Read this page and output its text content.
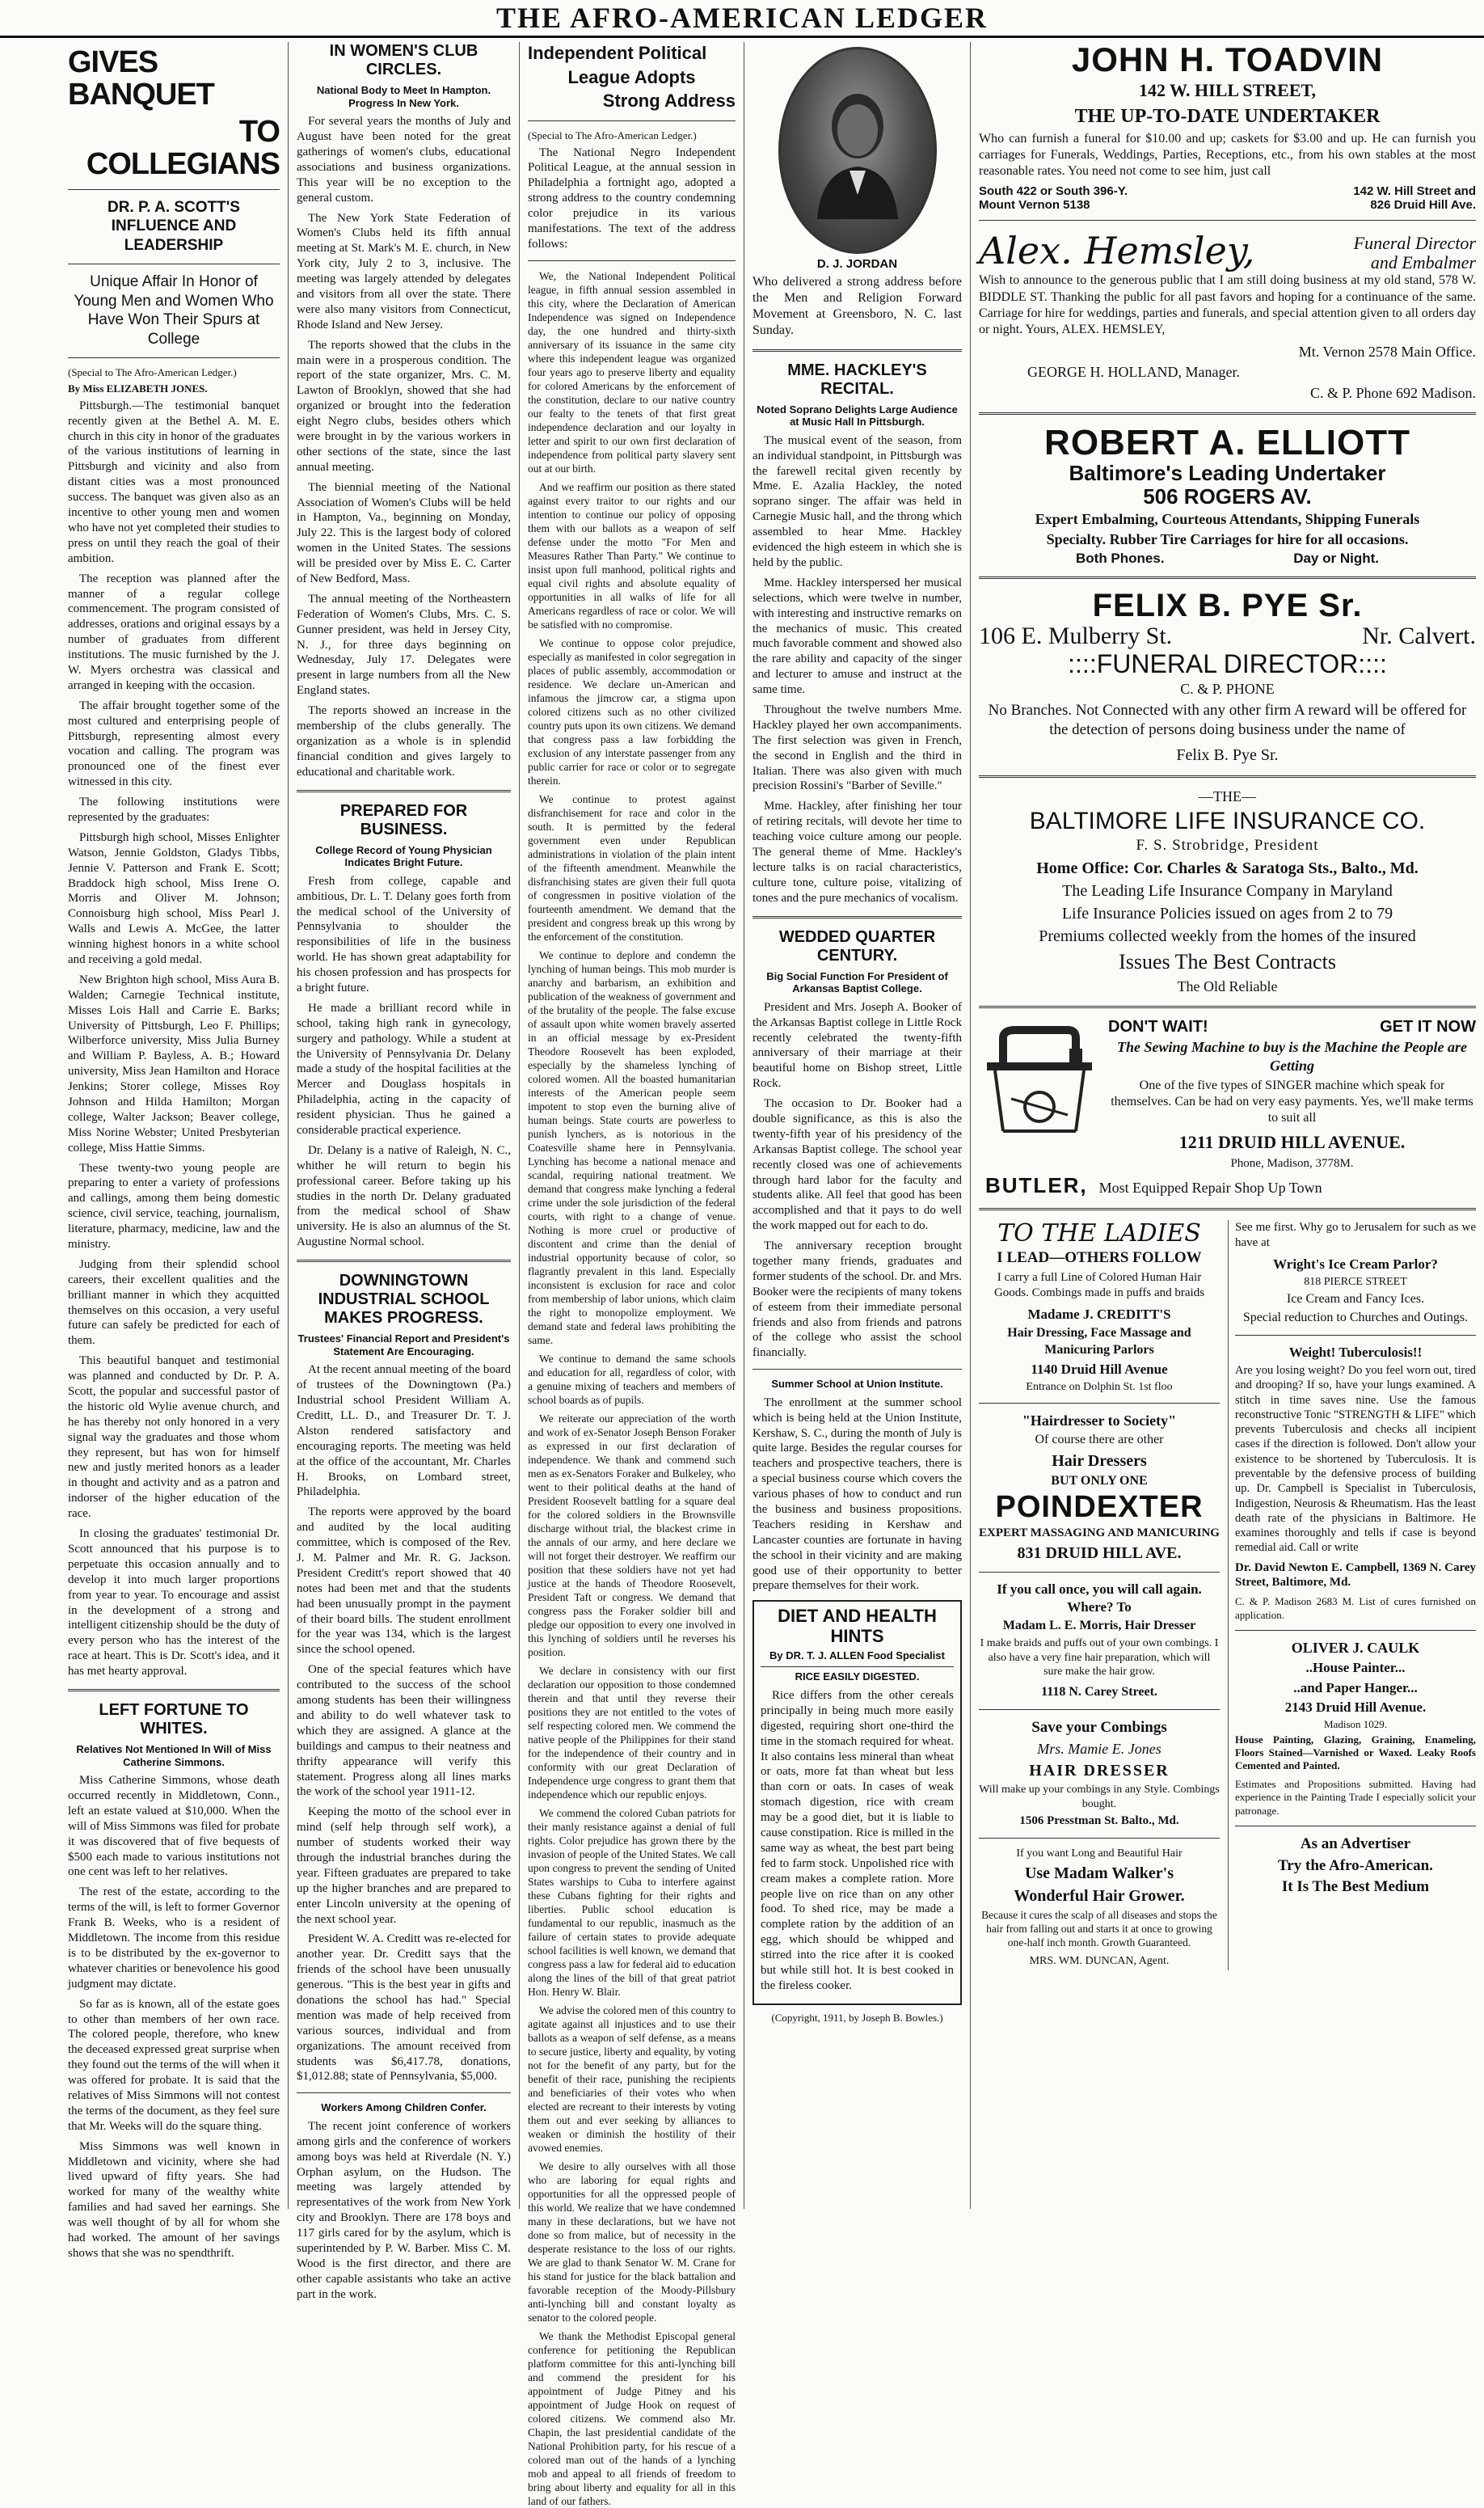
THE AFRO-AMERICAN LEDGER
GIVES BANQUET
TO COLLEGIANS
DR. P. A. SCOTT'S INFLUENCE AND LEADERSHIP
Unique Affair In Honor of Young Men and Women Who Have Won Their Spurs at College
(Special to The Afro-American Ledger.)
By Miss ELIZABETH JONES.

Pittsburgh.—The testimonial banquet recently given at the Bethel A. M. E. church in this city in honor of the graduates of the various institutions of learning in Pittsburgh and vicinity and also from distant cities was a most pronounced success. The banquet was given also as an incentive to other young men and women who have not yet completed their studies to press on until they reach the goal of their ambition.

The reception was planned after the manner of a regular college commencement. The program consisted of addresses, orations and original essays by a number of graduates from different institutions. The music furnished by the J. W. Myers orchestra was classical and arranged in keeping with the occasion.

The affair brought together some of the most cultured and enterprising people of Pittsburgh, representing almost every vocation and calling. The program was pronounced one of the finest ever witnessed in this city.

The following institutions were represented by the graduates:

Pittsburgh high school, Misses Enlighter Watson, Jennie Goldston, Gladys Tibbs, Jennie V. Patterson and Frank E. Scott; Braddock high school, Miss Irene O. Morris and Oliver M. Johnson; Connoisburg high school, Miss Pearl J. Walls and Lewis A. McGee, the latter winning highest honors in a white school and receiving a gold medal.

New Brighton high school, Miss Aura B. Walden; Carnegie Technical institute, Misses Lois Hall and Carrie E. Barks; University of Pittsburgh, Leo F. Phillips; Wilberforce university, Miss Julia Burney and William P. Bayless, A. B.; Howard university, Miss Jean Hamilton and Horace Jenkins; Storer college, Misses Roy Johnson and Hilda Hamilton; Morgan college, Walter Jackson; Beaver college, Miss Norine Webster; United Presbyterian college, Miss Hattie Simms.

These twenty-two young people are preparing to enter a variety of professions and callings, among them being domestic science, civil service, teaching, journalism, literature, pharmacy, medicine, law and the ministry.

Judging from their splendid school careers, their excellent qualities and the brilliant manner in which they acquitted themselves on this occasion, a very useful future can safely be predicted for each of them.

This beautiful banquet and testimonial was planned and conducted by Dr. P. A. Scott, the popular and successful pastor of the historic old Wylie avenue church, and he has thereby not only honored in a very signal way the graduates and those whom they represent, but has won for himself new and justly merited honors as a leader in thought and activity and as a patron and indorser of the higher education of the race.

In closing the graduates' testimonial Dr. Scott announced that his purpose is to perpetuate this occasion annually and to develop it into much larger proportions from year to year. To encourage and assist in the development of a strong and intelligent citizenship should be the duty of every person who has the interest of the race at heart. This is Dr. Scott's idea, and it has met hearty approval.

LEFT FORTUNE TO WHITES.
Relatives Not Mentioned In Will of Miss Catherine Simmons.

Miss Catherine Simmons, whose death occurred recently in Middletown, Conn., left an estate valued at $10,000. When the will of Miss Simmons was filed for probate it was discovered that of five bequests of $500 each made to various institutions not one cent was left to her relatives.

The rest of the estate, according to the terms of the will, is left to former Governor Frank B. Weeks, who is a resident of Middletown. The income from this residue is to be distributed by the ex-governor to whatever charities or benevolence his good judgment may dictate.

So far as is known, all of the estate goes to other than members of her own race. The colored people, therefore, who knew the deceased expressed great surprise when they found out the terms of the will when it was offered for probate. It is said that the relatives of Miss Simmons will not contest the terms of the document, as they feel sure that Mr. Weeks will do the square thing.

Miss Simmons was well known in Middletown and vicinity, where she had lived upward of fifty years. She had worked for many of the wealthy white families and had saved her earnings. She was well thought of by all for whom she had worked. The amount of her savings shows that she was no spendthrift.

IN WOMEN'S CLUB CIRCLES.
National Body to Meet In Hampton. Progress In New York.

For several years the months of July and August have been noted for the great gatherings of women's clubs, educational associations and business organizations. This year will be no exception to the general custom.

The New York State Federation of Women's Clubs held its fifth annual meeting at St. Mark's M. E. church, in New York city, July 2 to 3, inclusive. The meeting was largely attended by delegates and visitors from all over the state. There were also many visitors from Connecticut, Rhode Island and New Jersey.

The reports showed that the clubs in the main were in a prosperous condition. The report of the state organizer, Mrs. C. M. Lawton of Brooklyn, showed that she had organized or brought into the federation eight Negro clubs, besides others which were brought in by the various workers in other sections of the state, since the last annual meeting.

The biennial meeting of the National Association of Women's Clubs will be held in Hampton, Va., beginning on Monday, July 22. This is the largest body of colored women in the United States. The sessions will be presided over by Miss E. C. Carter of New Bedford, Mass.

The annual meeting of the Northeastern Federation of Women's Clubs, Mrs. C. S. Gunner president, was held in Jersey City, N. J., for three days beginning on Wednesday, July 17. Delegates were present in large numbers from all the New England states.

The reports showed an increase in the membership of the clubs generally. The organization as a whole is in splendid financial condition and gives largely to educational and charitable work.

PREPARED FOR BUSINESS.
College Record of Young Physician Indicates Bright Future.

Fresh from college, capable and ambitious, Dr. L. T. Delany goes forth from the medical school of the University of Pennsylvania to shoulder the responsibilities of life in the business world. He has shown great adaptability for his chosen profession and has prospects for a bright future.

He made a brilliant record while in school, taking high rank in gynecology, surgery and pathology. While a student at the University of Pennsylvania Dr. Delany made a study of the hospital facilities at the Mercer and Douglass hospitals in Philadelphia, acting in the capacity of resident physician. Thus he gained a considerable practical experience.

Dr. Delany is a native of Raleigh, N. C., whither he will return to begin his professional career. Before taking up his studies in the north Dr. Delany graduated from the medical school of Shaw university. He is also an alumnus of the St. Augustine Normal school.

DOWNINGTOWN INDUSTRIAL SCHOOL MAKES PROGRESS.
Trustees' Financial Report and President's Statement Are Encouraging.

At the recent annual meeting of the board of trustees of the Downingtown (Pa.) Industrial school President William A. Creditt, LL. D., and Treasurer Dr. T. J. Alston rendered satisfactory and encouraging reports. The meeting was held at the office of the accountant, Mr. Charles H. Brooks, on Lombard street, Philadelphia.

The reports were approved by the board and audited by the local auditing committee, which is composed of the Rev. J. M. Palmer and Mr. R. G. Jackson. President Creditt's report showed that 40 notes had been met and that the students had been unusually prompt in the payment of their board bills. The student enrollment for the year was 134, which is the largest since the school opened.

One of the special features which have contributed to the success of the school among students has been their willingness and ability to do well whatever task to which they are assigned. A glance at the buildings and campus to their neatness and thrifty appearance will verify this statement. Progress along all lines marks the work of the school year 1911-12.

Keeping the motto of the school ever in mind (self help through self work), a number of students worked their way through the industrial branches during the year. Fifteen graduates are prepared to take up the higher branches and are prepared to enter Lincoln university at the opening of the next school year.

President W. A. Creditt was re-elected for another year. Dr. Creditt says that the friends of the school have been unusually generous. "This is the best year in gifts and donations the school has had." Special mention was made of help received from various sources, individual and from organizations. The amount received from students was $6,417.78, donations, $1,012.88; state of Pennsylvania, $5,000.

Workers Among Children Confer.

The recent joint conference of workers among girls and the conference of workers among boys was held at Riverdale (N. Y.) Orphan asylum, on the Hudson. The meeting was largely attended by representatives of the work from New York city and Brooklyn. There are 178 boys and 117 girls cared for by the asylum, which is superintended by P. W. Barber. Miss C. M. Wood is the first director, and there are other capable assistants who take an active part in the work.

Independent Political
League Adopts
Strong Address
(Special to The Afro-American Ledger.)

The National Negro Independent Political League, at the annual session in Philadelphia a fortnight ago, adopted a strong address to the country condemning color prejudice in its various manifestations. The text of the address follows:

We, the National Independent Political league, in fifth annual session assembled in this city, where the Declaration of American Independence was signed on Independence day, the one hundred and thirty-sixth anniversary of its issuance in the same city where this independent league was organized four years ago to preserve liberty and equality for colored Americans by the enforcement of the constitution, declare to our native country our fealty to the tenets of that first great independence declaration and our loyalty in letter and spirit to our own first declaration of independence from political party slavery sent out at our birth.

And we reaffirm our position as there stated against every traitor to our rights and our intention to continue our policy of opposing them with our ballots as a weapon of self defense under the motto "For Men and Measures Rather Than Party." We continue to insist upon full manhood, political rights and equal civil rights and absolute equality of opportunities in all walks of life for all Americans regardless of race or color. We will be satisfied with no compromise.

We continue to oppose color prejudice, especially as manifested in color segregation in places of public assembly, accommodation or residence. We declare un-American and infamous the jimcrow car, a stigma upon colored citizens such as no other civilized country puts upon its own citizens. We demand that congress pass a law forbidding the exclusion of any interstate passenger from any public carrier for race or color or to segregate therein.

We continue to protest against disfranchisement for race and color in the south. It is permitted by the federal government even under Republican administrations in violation of the plain intent of the fifteenth amendment. Meanwhile the disfranchising states are given their full quota of congressmen in positive violation of the fourteenth amendment. We demand that the president and congress break up this wrong by the enforcement of the constitution.

We continue to deplore and condemn the lynching of human beings. This mob murder is anarchy and barbarism, an exhibition and publication of the weakness of government and of the brutality of the people. The false excuse of assault upon white women bravely asserted in an official message by ex-President Theodore Roosevelt has been exploded, especially by the shameless lynching of colored women. All the boasted humanitarian interests of the American people seem impotent to stop even the burning alive of human beings. State courts are powerless to punish lynchers, as is notorious in the Coatesville shame here in Pennsylvania. Lynching has become a national menace and scandal, requiring national treatment. We demand that congress make lynching a federal crime under the sole jurisdiction of the federal courts, with right to a change of venue. Nothing is more cruel or productive of discontent and crime than the denial of industrial opportunity because of color, so flagrantly prevalent in this land. Especially inconsistent is exclusion for race and color from membership of labor unions, which claim the right to monopolize employment. We demand state and federal laws prohibiting the same.

We continue to demand the same schools and education for all, regardless of color, with a genuine mixing of teachers and members of school boards as of pupils.

We reiterate our appreciation of the worth and work of ex-Senator Joseph Benson Foraker as expressed in our first declaration of independence. We thank and commend such men as ex-Senators Foraker and Bulkeley, who went to their political deaths at the hand of President Roosevelt battling for a square deal for the colored soldiers in the Brownsville discharge without trial, the blackest crime in the annals of our army, and here declare we will not forget their destroyer. We reaffirm our position that these soldiers have not yet had justice at the hands of Theodore Roosevelt, President Taft or congress. We demand that congress pass the Foraker soldier bill and pledge our opposition to every one involved in this lynching of soldiers until he reverses his position.

We declare in consistency with our first declaration our opposition to those condemned therein and that until they reverse their positions they are not entitled to the votes of self respecting colored men. We commend the native people of the Philippines for their stand for the independence of their country and in conformity with our great Declaration of Independence urge congress to grant them that independence which our republic enjoys.

We commend the colored Cuban patriots for their manly resistance against a denial of full rights. Color prejudice has grown there by the invasion of people of the United States. We call upon congress to prevent the sending of United States warships to Cuba to interfere against these Cubans fighting for their rights and liberties. Public school education is fundamental to our republic, inasmuch as the failure of certain states to provide adequate school facilities is well known, we demand that congress pass a law for federal aid to education along the lines of the bill of that great patriot Hon. Henry W. Blair.

We advise the colored men of this country to agitate against all injustices and to use their ballots as a weapon of self defense, as a means to secure justice, liberty and equality, by voting not for the benefit of any party, but for the benefit of their race, punishing the recipients and beneficiaries of their votes who when elected are recreant to their interests by voting them out and ever seeking by alliances to weaken or diminish the hostility of their avowed enemies.

We desire to ally ourselves with all those who are laboring for equal rights and opportunities for all the oppressed people of this world. We realize that we have condemned many in these declarations, but we have not done so from malice, but of necessity in the desperate resistance to the loss of our rights. We are glad to thank Senator W. M. Crane for his stand for justice for the black battalion and favorable reception of the Moody-Pillsbury anti-lynching bill and constant loyalty as senator to the colored people.

We thank the Methodist Episcopal general conference for petitioning the Republican platform committee for this anti-lynching bill and commend the president for his appointment of Judge Pitney and his appointment of Judge Hook on request of colored citizens. We commend also Mr. Chapin, the last presidential candidate of the National Prohibition party, for his rescue of a colored man out of the hands of a lynching mob and appeal to all friends of freedom to bring about liberty and equality for all in this land of our fathers.

D. J. JORDAN

Who delivered a strong address before the Men and Religion Forward Movement at Greensboro, N. C. last Sunday.

MME. HACKLEY'S RECITAL.
Noted Soprano Delights Large Audience at Music Hall In Pittsburgh.

The musical event of the season, from an individual standpoint, in Pittsburgh was the farewell recital given recently by Mme. E. Azalia Hackley, the noted soprano singer. The affair was held in Carnegie Music hall, and the throng which assembled to hear Mme. Hackley evidenced the high esteem in which she is held by the public.

Mme. Hackley interspersed her musical selections, which were twelve in number, with interesting and instructive remarks on the mechanics of music. This created much favorable comment and showed also the rare ability and capacity of the singer and lecturer to amuse and instruct at the same time.

Throughout the twelve numbers Mme. Hackley played her own accompaniments. The first selection was given in French, the second in English and the third in Italian. There was also given with much precision Rossini's "Barber of Seville."

Mme. Hackley, after finishing her tour of retiring recitals, will devote her time to teaching voice culture among our people. The general theme of Mme. Hackley's lecture talks is on racial characteristics, culture tone, culture poise, vitalizing of tones and the pure mechanics of vocalism.

WEDDED QUARTER CENTURY.
Big Social Function For President of Arkansas Baptist College.

President and Mrs. Joseph A. Booker of the Arkansas Baptist college in Little Rock recently celebrated the twenty-fifth anniversary of their marriage at their beautiful home on Bishop street, Little Rock.

The occasion to Dr. Booker had a double significance, as this is also the twenty-fifth year of his presidency of the Arkansas Baptist college. The school year recently closed was one of achievements through hard labor for the faculty and students alike. All feel that good has been accomplished and that it pays to do well the work mapped out for each to do.

The anniversary reception brought together many friends, graduates and former students of the school. Dr. and Mrs. Booker were the recipients of many tokens of esteem from their immediate personal friends and also from friends and patrons of the college who assist the school financially.

Summer School at Union Institute.

The enrollment at the summer school which is being held at the Union Institute, Kershaw, S. C., during the month of July is quite large. Besides the regular courses for teachers and prospective teachers, there is a special business course which covers the various phases of how to conduct and run the business and business propositions. Teachers residing in Kershaw and Lancaster counties are fortunate in having the school in their vicinity and are making good use of their opportunity to better prepare themselves for their work.

DIET AND HEALTH HINTS
By DR. T. J. ALLEN Food Specialist
RICE EASILY DIGESTED.

Rice differs from the other cereals principally in being much more easily digested, requiring short one-third the time in the stomach required for wheat. It also contains less mineral than wheat or oats, more fat than wheat but less than corn or oats. In cases of weak stomach digestion, rice with cream may be a good diet, but it is liable to cause constipation. Rice is milled in the same way as wheat, the best part being fed to farm stock. Unpolished rice with cream makes a complete ration. More people live on rice than on any other food. To shed rice, may be made a complete ration by the addition of an egg, which should be whipped and stirred into the rice after it is cooked but while still hot. It is best cooked in the fireless cooker.

(Copyright, 1911, by Joseph B. Bowles.)
JOHN H. TOADVIN
142 W. HILL STREET,
THE UP-TO-DATE UNDERTAKER

Who can furnish a funeral for $10.00 and up; caskets for $3.00 and up. He can furnish you carriages for Funerals, Weddings, Parties, Receptions, etc., from his own stables at the most reasonable rates. You need not come to see him, just call

South 422 or South 396-Y.	142 W. Hill Street and
Mount Vernon 5138	826 Druid Hill Ave.
Alex. Hemsley,	Funeral Director
and Embalmer

Wish to announce to the generous public that I am still doing business at my old stand, 578 W. BIDDLE ST. Thanking the public for all past favors and hoping for a continuance of the same. Carriage for hire for weddings, parties and funerals, and special attention given to all orders day or night. Yours, ALEX. HEMSLEY,

Mt. Vernon 2578 Main Office.
GEORGE H. HOLLAND, Manager.
C. & P. Phone 692 Madison.
ROBERT A. ELLIOTT
Baltimore's Leading Undertaker
506 ROGERS AV.
Expert Embalming, Courteous Attendants, Shipping Funerals
Specialty. Rubber Tire Carriages for hire for all occasions.
Both Phones.	Day or Night.
FELIX B. PYE Sr.
106 E. Mulberry St.	Nr. Calvert.
::::FUNERAL DIRECTOR::::
C. & P. PHONE

No Branches. Not Connected with any other firm A reward will be offered for the detection of persons doing business under the name of

Felix B. Pye Sr.
—THE—
BALTIMORE LIFE INSURANCE CO.
F. S. Strobridge, President
Home Office: Cor. Charles & Saratoga Sts., Balto., Md.
The Leading Life Insurance Company in Maryland
Life Insurance Policies issued on ages from 2 to 79
Premiums collected weekly from the homes of the insured
Issues The Best Contracts
The Old Reliable
DON'T WAIT!	GET IT NOW
The Sewing Machine to buy is the Machine the People are Getting

One of the five types of SINGER machine which speak for themselves. Can be had on very easy payments. Yes, we'll make terms to suit all

1211 DRUID HILL AVENUE.
Phone, Madison, 3778M.
BUTLER, Most Equipped Repair Shop Up Town
TO THE LADIES
I LEAD—OTHERS FOLLOW

I carry a full Line of Colored Human Hair Goods. Combings made in puffs and braids

Madame J. CREDITT'S
Hair Dressing, Face Massage and Manicuring Parlors
1140 Druid Hill Avenue
Entrance on Dolphin St. 1st floo
"Hairdresser to Society"
Of course there are other
Hair Dressers
BUT ONLY ONE
POINDEXTER
EXPERT MASSAGING AND MANICURING
831 DRUID HILL AVE.
If you call once, you will call again. Where? To
Madam L. E. Morris, Hair Dresser

I make braids and puffs out of your own combings. I also have a very fine hair preparation, which will sure make the hair grow.

1118 N. Carey Street.
Save your Combings
Mrs. Mamie E. Jones
HAIR DRESSER
Will make up your combings in any Style. Combings bought.
1506 Presstman St. Balto., Md.
If you want Long and Beautiful Hair
Use Madam Walker's
Wonderful Hair Grower.

Because it cures the scalp of all diseases and stops the hair from falling out and starts it at once to growing one-half inch month. Growth Guaranteed.

MRS. WM. DUNCAN, Agent.

See me first. Why go to Jerusalem for such as we have at

Wright's Ice Cream Parlor?
818 PIERCE STREET
Ice Cream and Fancy Ices.
Special reduction to Churches and Outings.
Weight! Tuberculosis!!

Are you losing weight? Do you feel worn out, tired and drooping? If so, have your lungs examined. A stitch in time saves nine. Use the famous reconstructive Tonic "STRENGTH & LIFE" which prevents Tuberculosis and checks all incipient cases if the direction is followed. Don't allow your existence to be shortened by Tuberculosis. It is preventable by the defensive process of building up. Dr. Campbell is Specialist in Tuberculosis, Indigestion, Neurosis & Rheumatism. Has the least death rate of the physicians in Baltimore. He examines thoroughly and tells if case is beyond remedial aid. Call or write

Dr. David Newton E. Campbell, 1369 N. Carey Street, Baltimore, Md.

C. & P. Madison 2683 M. List of cures furnished on application.

OLIVER J. CAULK
..House Painter...
..and Paper Hanger...
2143 Druid Hill Avenue.
Madison 1029.

House Painting, Glazing, Graining, Enameling, Floors Stained—Varnished or Waxed. Leaky Roofs Cemented and Painted.

Estimates and Propositions submitted. Having had experience in the Painting Trade I especially solicit your patronage.

As an Advertiser
Try the Afro-American.
It Is The Best Medium
